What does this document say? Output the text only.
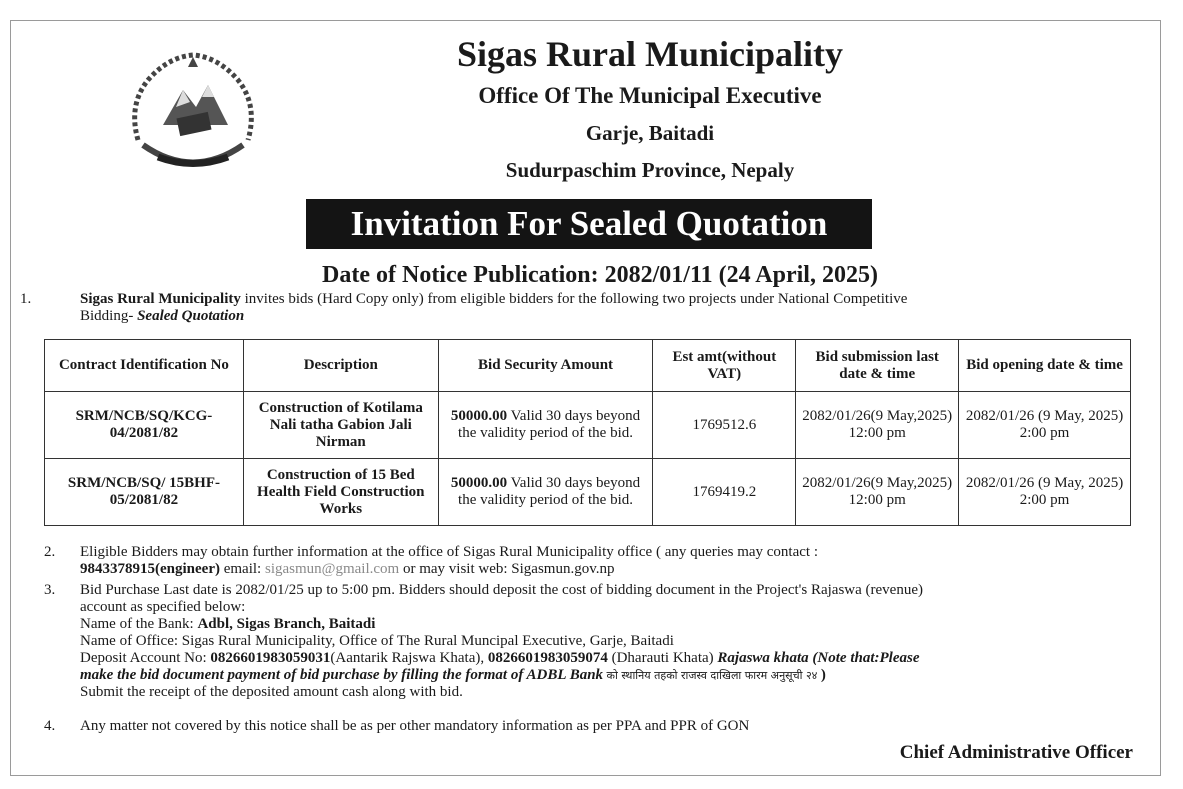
Sigas Rural Municipality
Office Of The Municipal Executive
Garje, Baitadi
Sudurpaschim Province, Nepaly
Invitation For Sealed Quotation
Date of Notice Publication: 2082/01/11 (24 April, 2025)
1.	Sigas Rural Municipality invites bids (Hard Copy only) from eligible bidders for the following two projects under National Competitive
Bidding- Sealed Quotation
Contract Identification No	Description	Bid Security Amount	Est amt(without VAT)	Bid submission last date & time	Bid opening date & time
SRM/NCB/SQ/KCG-04/2081/82	Construction of Kotilama Nali tatha Gabion Jali Nirman	50000.00 Valid 30 days beyond the validity period of the bid.	1769512.6	2082/01/26(9 May,2025) 12:00 pm	2082/01/26 (9 May, 2025) 2:00 pm
SRM/NCB/SQ/ 15BHF- 05/2081/82	Construction of 15 Bed Health Field Construction Works	50000.00 Valid 30 days beyond the validity period of the bid.	1769419.2	2082/01/26(9 May,2025) 12:00 pm	2082/01/26 (9 May, 2025) 2:00 pm
2. Eligible Bidders may obtain further information at the office of Sigas Rural Municipality office ( any queries may contact :
9843378915(engineer) email: sigasmun@gmail.com or may visit web: Sigasmun.gov.np
3. Bid Purchase Last date is 2082/01/25 up to 5:00 pm. Bidders should deposit the cost of bidding document in the Project's Rajaswa (revenue)
account as specified below:
Name of the Bank: Adbl, Sigas Branch, Baitadi
Name of Office: Sigas Rural Municipality, Office of The Rural Muncipal Executive, Garje, Baitadi
Deposit Account No: 0826601983059031(Aantarik Rajswa Khata), 0826601983059074 (Dharauti Khata) Rajaswa khata (Note that:Please
make the bid document payment of bid purchase by filling the format of ADBL Bank को स्थानिय तहको राजस्व दाखिला फारम अनुसूची २४ )
Submit the receipt of the deposited amount cash along with bid.
4. Any matter not covered by this notice shall be as per other mandatory information as per PPA and PPR of GON
Chief Administrative Officer
